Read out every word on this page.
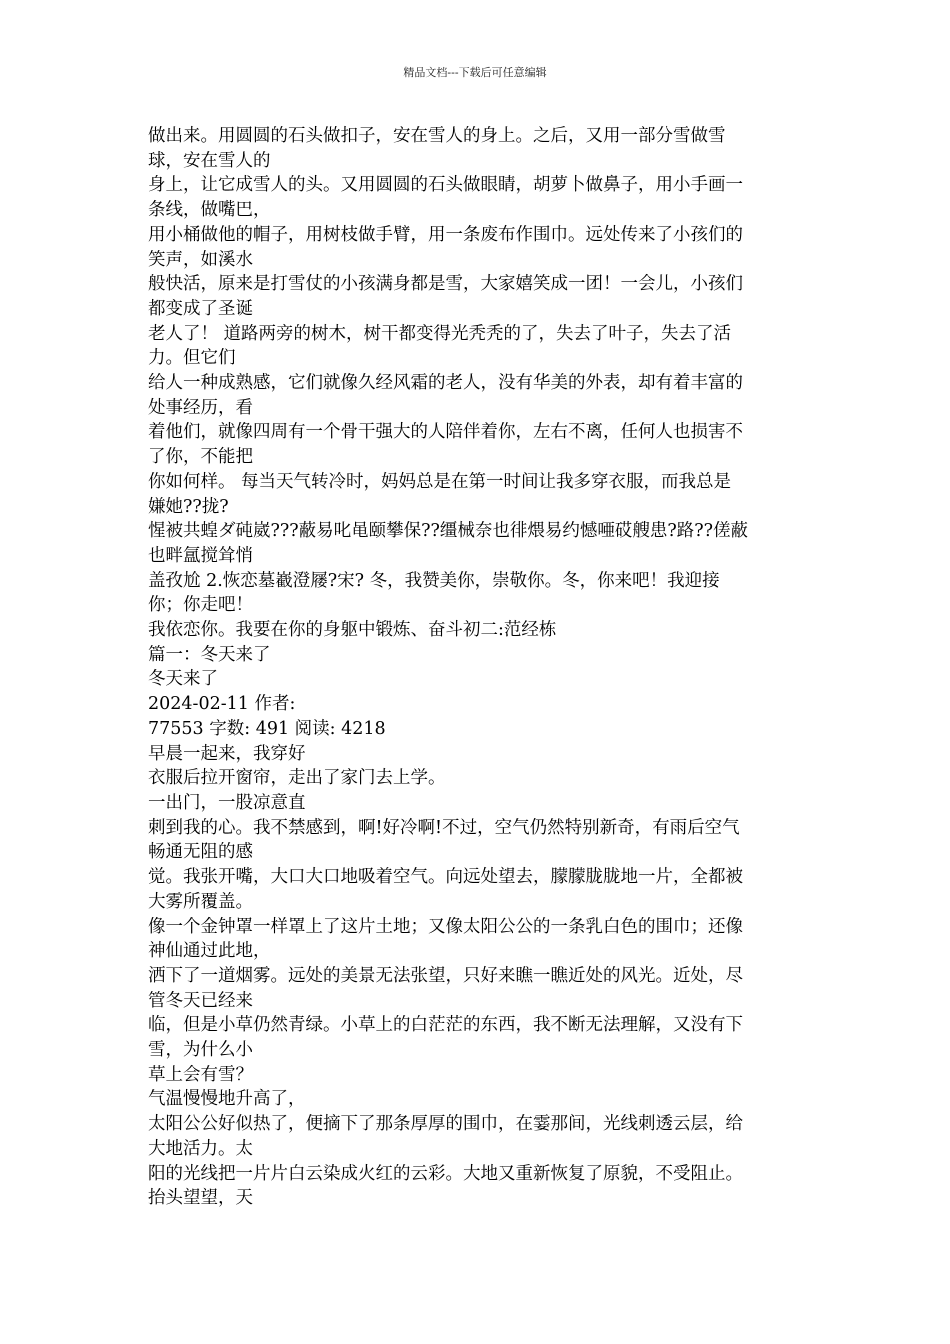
精品文档---下载后可任意编辑
做出来。用圆圆的石头做扣子，安在雪人的身上。之后，又用一部分雪做雪
球，安在雪人的
身上，让它成雪人的头。又用圆圆的石头做眼睛，胡萝卜做鼻子，用小手画一
条线，做嘴巴，
用小桶做他的帽子，用树枝做手臂，用一条废布作围巾。远处传来了小孩们的
笑声，如溪水
般快活，原来是打雪仗的小孩满身都是雪，大家嬉笑成一团！一会儿，小孩们
都变成了圣诞
老人了！ 道路两旁的树木，树干都变得光秃秃的了，失去了叶子，失去了活
力。但它们
给人一种成熟感，它们就像久经风霜的老人，没有华美的外表，却有着丰富的
处事经历，看
着他们，就像四周有一个骨干强大的人陪伴着你，左右不离，任何人也损害不
了你，不能把
你如何样。 每当天气转冷时，妈妈总是在第一时间让我多穿衣服，而我总是
嫌她??拢?
惺被共蝗ダ砘崴???蔽易叱黾颐攀保??缰械奈也徘煨易约憾唖砹艘患?路??傞蔽
也畔氲搅耸悄
盖孜尬 2.恢恋墓嶻澄屦?宋? 冬，我赞美你，崇敬你。冬，你来吧！我迎接
你；你走吧！
我依恋你。我要在你的身躯中锻炼、奋斗初二:范经栋
篇一：冬天来了
冬天来了
2024-02-11 作者:
77553 字数: 491 阅读: 4218
早晨一起来，我穿好
衣服后拉开窗帘，走出了家门去上学。
一出门，一股凉意直
刺到我的心。我不禁感到，啊!好冷啊!不过，空气仍然特别新奇，有雨后空气
畅通无阻的感
觉。我张开嘴，大口大口地吸着空气。向远处望去，朦朦胧胧地一片，全都被
大雾所覆盖。
像一个金钟罩一样罩上了这片土地；又像太阳公公的一条乳白色的围巾；还像
神仙通过此地，
洒下了一道烟雾。远处的美景无法张望，只好来瞧一瞧近处的风光。近处，尽
管冬天已经来
临，但是小草仍然青绿。小草上的白茫茫的东西，我不断无法理解，又没有下
雪，为什么小
草上会有雪？
气温慢慢地升高了，
太阳公公好似热了，便摘下了那条厚厚的围巾，在霎那间，光线刺透云层，给
大地活力。太
阳的光线把一片片白云染成火红的云彩。大地又重新恢复了原貌，不受阻止。
抬头望望，天
